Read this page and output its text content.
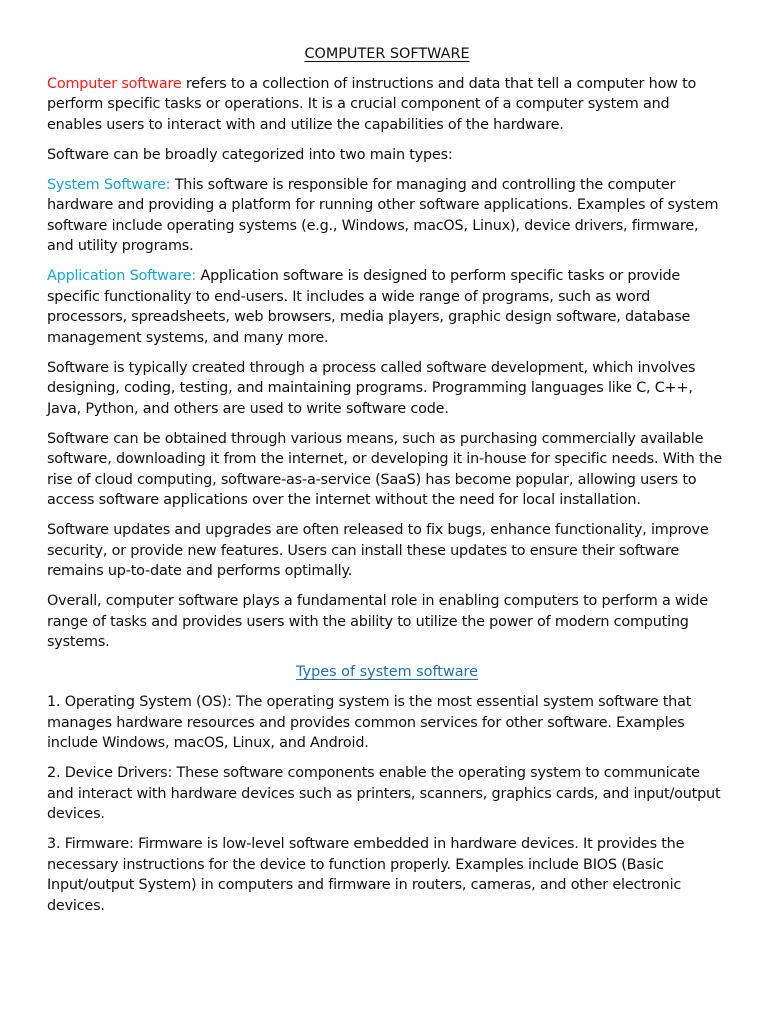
COMPUTER SOFTWARE

Computer software refers to a collection of instructions and data that tell a computer how to perform specific tasks or operations. It is a crucial component of a computer system and enables users to interact with and utilize the capabilities of the hardware.

Software can be broadly categorized into two main types:

System Software: This software is responsible for managing and controlling the computer hardware and providing a platform for running other software applications. Examples of system software include operating systems (e.g., Windows, macOS, Linux), device drivers, firmware, and utility programs.

Application Software: Application software is designed to perform specific tasks or provide specific functionality to end-users. It includes a wide range of programs, such as word processors, spreadsheets, web browsers, media players, graphic design software, database management systems, and many more.

Software is typically created through a process called software development, which involves designing, coding, testing, and maintaining programs. Programming languages like C, C++, Java, Python, and others are used to write software code.

Software can be obtained through various means, such as purchasing commercially available software, downloading it from the internet, or developing it in-house for specific needs. With the rise of cloud computing, software-as-a-service (SaaS) has become popular, allowing users to access software applications over the internet without the need for local installation.

Software updates and upgrades are often released to fix bugs, enhance functionality, improve security, or provide new features. Users can install these updates to ensure their software remains up-to-date and performs optimally.

Overall, computer software plays a fundamental role in enabling computers to perform a wide range of tasks and provides users with the ability to utilize the power of modern computing systems.

Types of system software

1. Operating System (OS): The operating system is the most essential system software that manages hardware resources and provides common services for other software. Examples include Windows, macOS, Linux, and Android.

2. Device Drivers: These software components enable the operating system to communicate and interact with hardware devices such as printers, scanners, graphics cards, and input/output devices.

3. Firmware: Firmware is low-level software embedded in hardware devices. It provides the necessary instructions for the device to function properly. Examples include BIOS (Basic Input/output System) in computers and firmware in routers, cameras, and other electronic devices.
